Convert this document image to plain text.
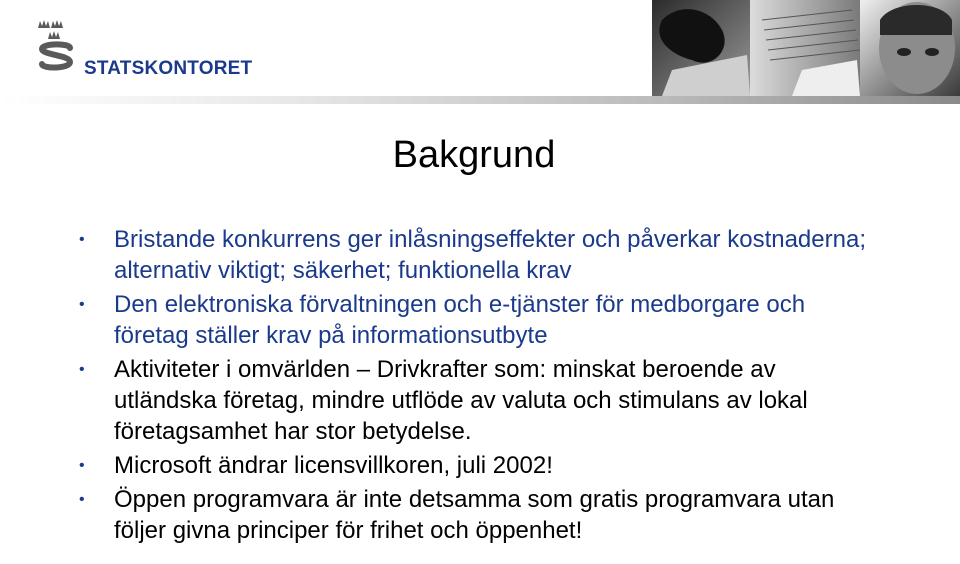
STATSKONTORET
Bakgrund
• Bristande konkurrens ger inlåsningseffekter och påverkar kostnaderna; alternativ viktigt; säkerhet; funktionella krav
• Den elektroniska förvaltningen och e-tjänster för medborgare och företag ställer krav på informationsutbyte
• Aktiviteter i omvärlden – Drivkrafter som: minskat beroende av utländska företag, mindre utflöde av valuta och stimulans av lokal företagsamhet har stor betydelse.
• Microsoft ändrar licensvillkoren, juli 2002!
• Öppen programvara är inte detsamma som gratis programvara utan följer givna principer för frihet och öppenhet!
